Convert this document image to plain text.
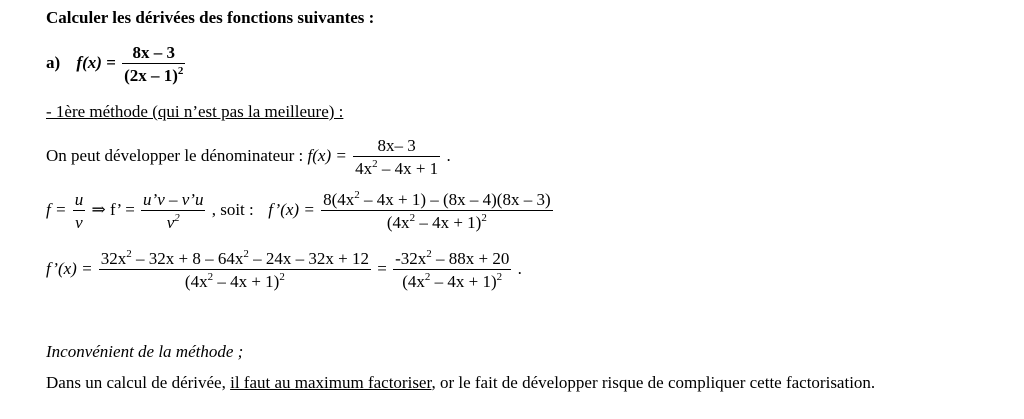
Calculer les dérivées des fonctions suivantes :
a) $f(x) = \frac{8x - 3}{(2x - 1)^2}$
- 1ère méthode (qui n’est pas la meilleure) :
On peut développer le dénominateur : $f(x) = \frac{8x- 3}{4x^2 - 4x + 1}$ .
$f = \frac{u}{v}$ ⇒ f’ = $\frac{u’v - v’u}{v^2}$ , soit : f’(x) = $\frac{8(4x^2 - 4x + 1) - (8x - 4)(8x - 3)}{(4x^2 - 4x + 1)^2}$
f’(x) = $\frac{32x^2 - 32x + 8 - 64x^2 - 24x - 32x + 12}{(4x^2 - 4x + 1)^2} = \frac{-32x^2 - 88x + 20}{(4x^2 - 4x + 1)^2}$ .
Inconvénient de la méthode ;
Dans un calcul de dérivée, il faut au maximum factoriser, or le fait de développer risque de compliquer cette factorisation.
